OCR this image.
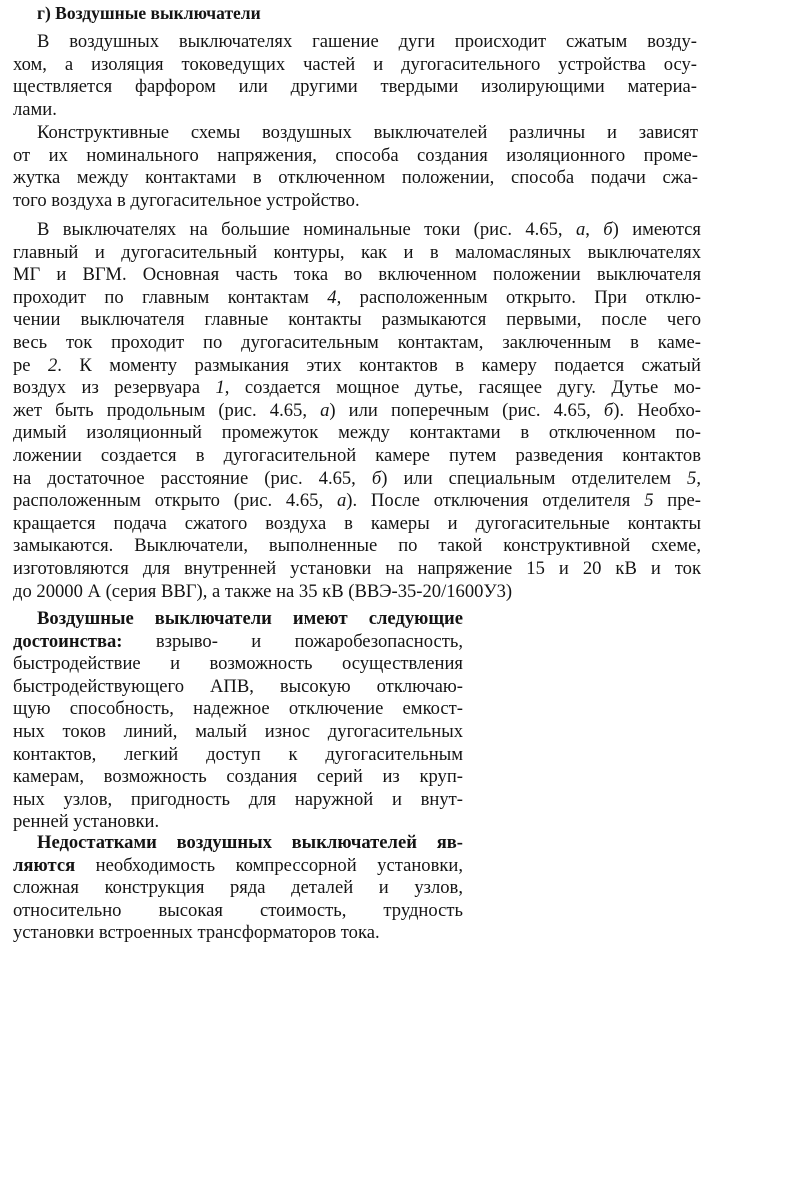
г) Воздушные выключатели
В воздушных выключателях гашение дуги происходит сжатым возду-
хом, а изоляция токоведущих частей и дугогасительного устройства осу-
ществляется фарфором или другими твердыми изолирующими материа-
лами.
Конструктивные схемы воздушных выключателей различны и зависят
от их номинального напряжения, способа создания изоляционного проме-
жутка между контактами в отключенном положении, способа подачи сжа-
того воздуха в дугогасительное устройство.
В выключателях на большие номинальные токи (рис. 4.65, а, б) имеются
главный и дугогасительный контуры, как и в маломасляных выключателях
МГ и ВГМ. Основная часть тока во включенном положении выключателя
проходит по главным контактам 4, расположенным открыто. При отклю-
чении выключателя главные контакты размыкаются первыми, после чего
весь ток проходит по дугогасительным контактам, заключенным в каме-
ре 2. К моменту размыкания этих контактов в камеру подается сжатый
воздух из резервуара 1, создается мощное дутье, гасящее дугу. Дутье мо-
жет быть продольным (рис. 4.65, а) или поперечным (рис. 4.65, б). Необхо-
димый изоляционный промежуток между контактами в отключенном по-
ложении создается в дугогасительной камере путем разведения контактов
на достаточное расстояние (рис. 4.65, б) или специальным отделителем 5,
расположенным открыто (рис. 4.65, а). После отключения отделителя 5 пре-
кращается подача сжатого воздуха в камеры и дугогасительные контакты
замыкаются. Выключатели, выполненные по такой конструктивной схеме,
изготовляются для внутренней установки на напряжение 15 и 20 кВ и ток
до 20000 А (серия ВВГ), а также на 35 кВ (ВВЭ-35-20/1600У3)
Воздушные выключатели имеют следующие
достоинства: взрыво- и пожаробезопасность,
быстродействие и возможность осуществления
быстродействующего АПВ, высокую отключаю-
щую способность, надежное отключение емкост-
ных токов линий, малый износ дугогасительных
контактов, легкий доступ к дугогасительным
камерам, возможность создания серий из круп-
ных узлов, пригодность для наружной и внут-
ренней установки.
Недостатками воздушных выключателей яв-
ляются необходимость компрессорной установки,
сложная конструкция ряда деталей и узлов,
относительно высокая стоимость, трудность
установки встроенных трансформаторов тока.
